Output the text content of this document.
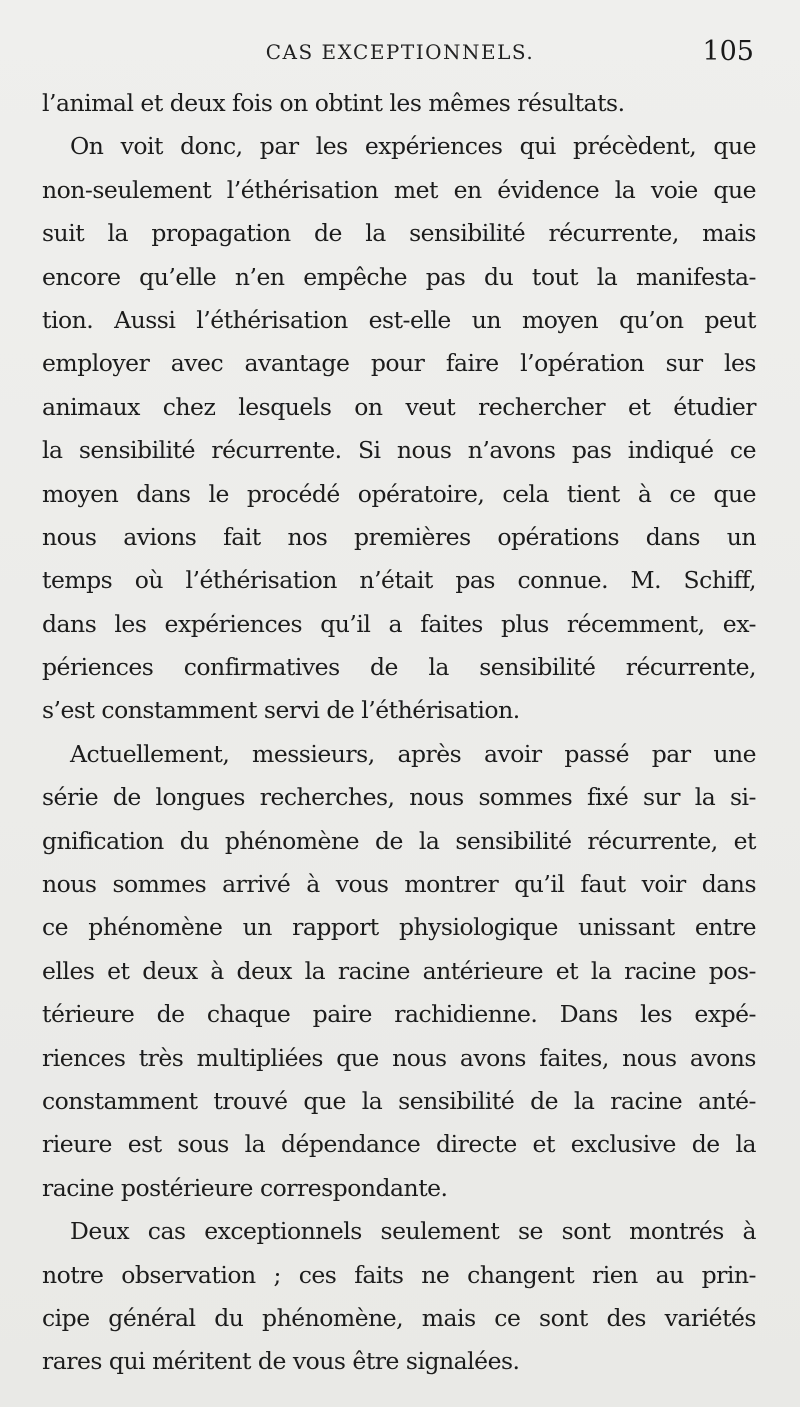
CAS EXCEPTIONNELS.	105
l’animal et deux fois on obtint les mêmes résultats.
On voit donc, par les expériences qui précèdent, que
non-seulement l’éthérisation met en évidence la voie que
suit la propagation de la sensibilité récurrente, mais
encore qu’elle n’en empêche pas du tout la manifesta-
tion. Aussi l’éthérisation est-elle un moyen qu’on peut
employer avec avantage pour faire l’opération sur les
animaux chez lesquels on veut rechercher et étudier
la sensibilité récurrente. Si nous n’avons pas indiqué ce
moyen dans le procédé opératoire, cela tient à ce que
nous avions fait nos premières opérations dans un
temps où l’éthérisation n’était pas connue. M. Schiff,
dans les expériences qu’il a faites plus récemment, ex-
périences confirmatives de la sensibilité récurrente,
s’est constamment servi de l’éthérisation.
Actuellement, messieurs, après avoir passé par une
série de longues recherches, nous sommes fixé sur la si-
gnification du phénomène de la sensibilité récurrente, et
nous sommes arrivé à vous montrer qu’il faut voir dans
ce phénomène un rapport physiologique unissant entre
elles et deux à deux la racine antérieure et la racine pos-
térieure de chaque paire rachidienne. Dans les expé-
riences très multipliées que nous avons faites, nous avons
constamment trouvé que la sensibilité de la racine anté-
rieure est sous la dépendance directe et exclusive de la
racine postérieure correspondante.
Deux cas exceptionnels seulement se sont montrés à
notre observation ; ces faits ne changent rien au prin-
cipe général du phénomène, mais ce sont des variétés
rares qui méritent de vous être signalées.
